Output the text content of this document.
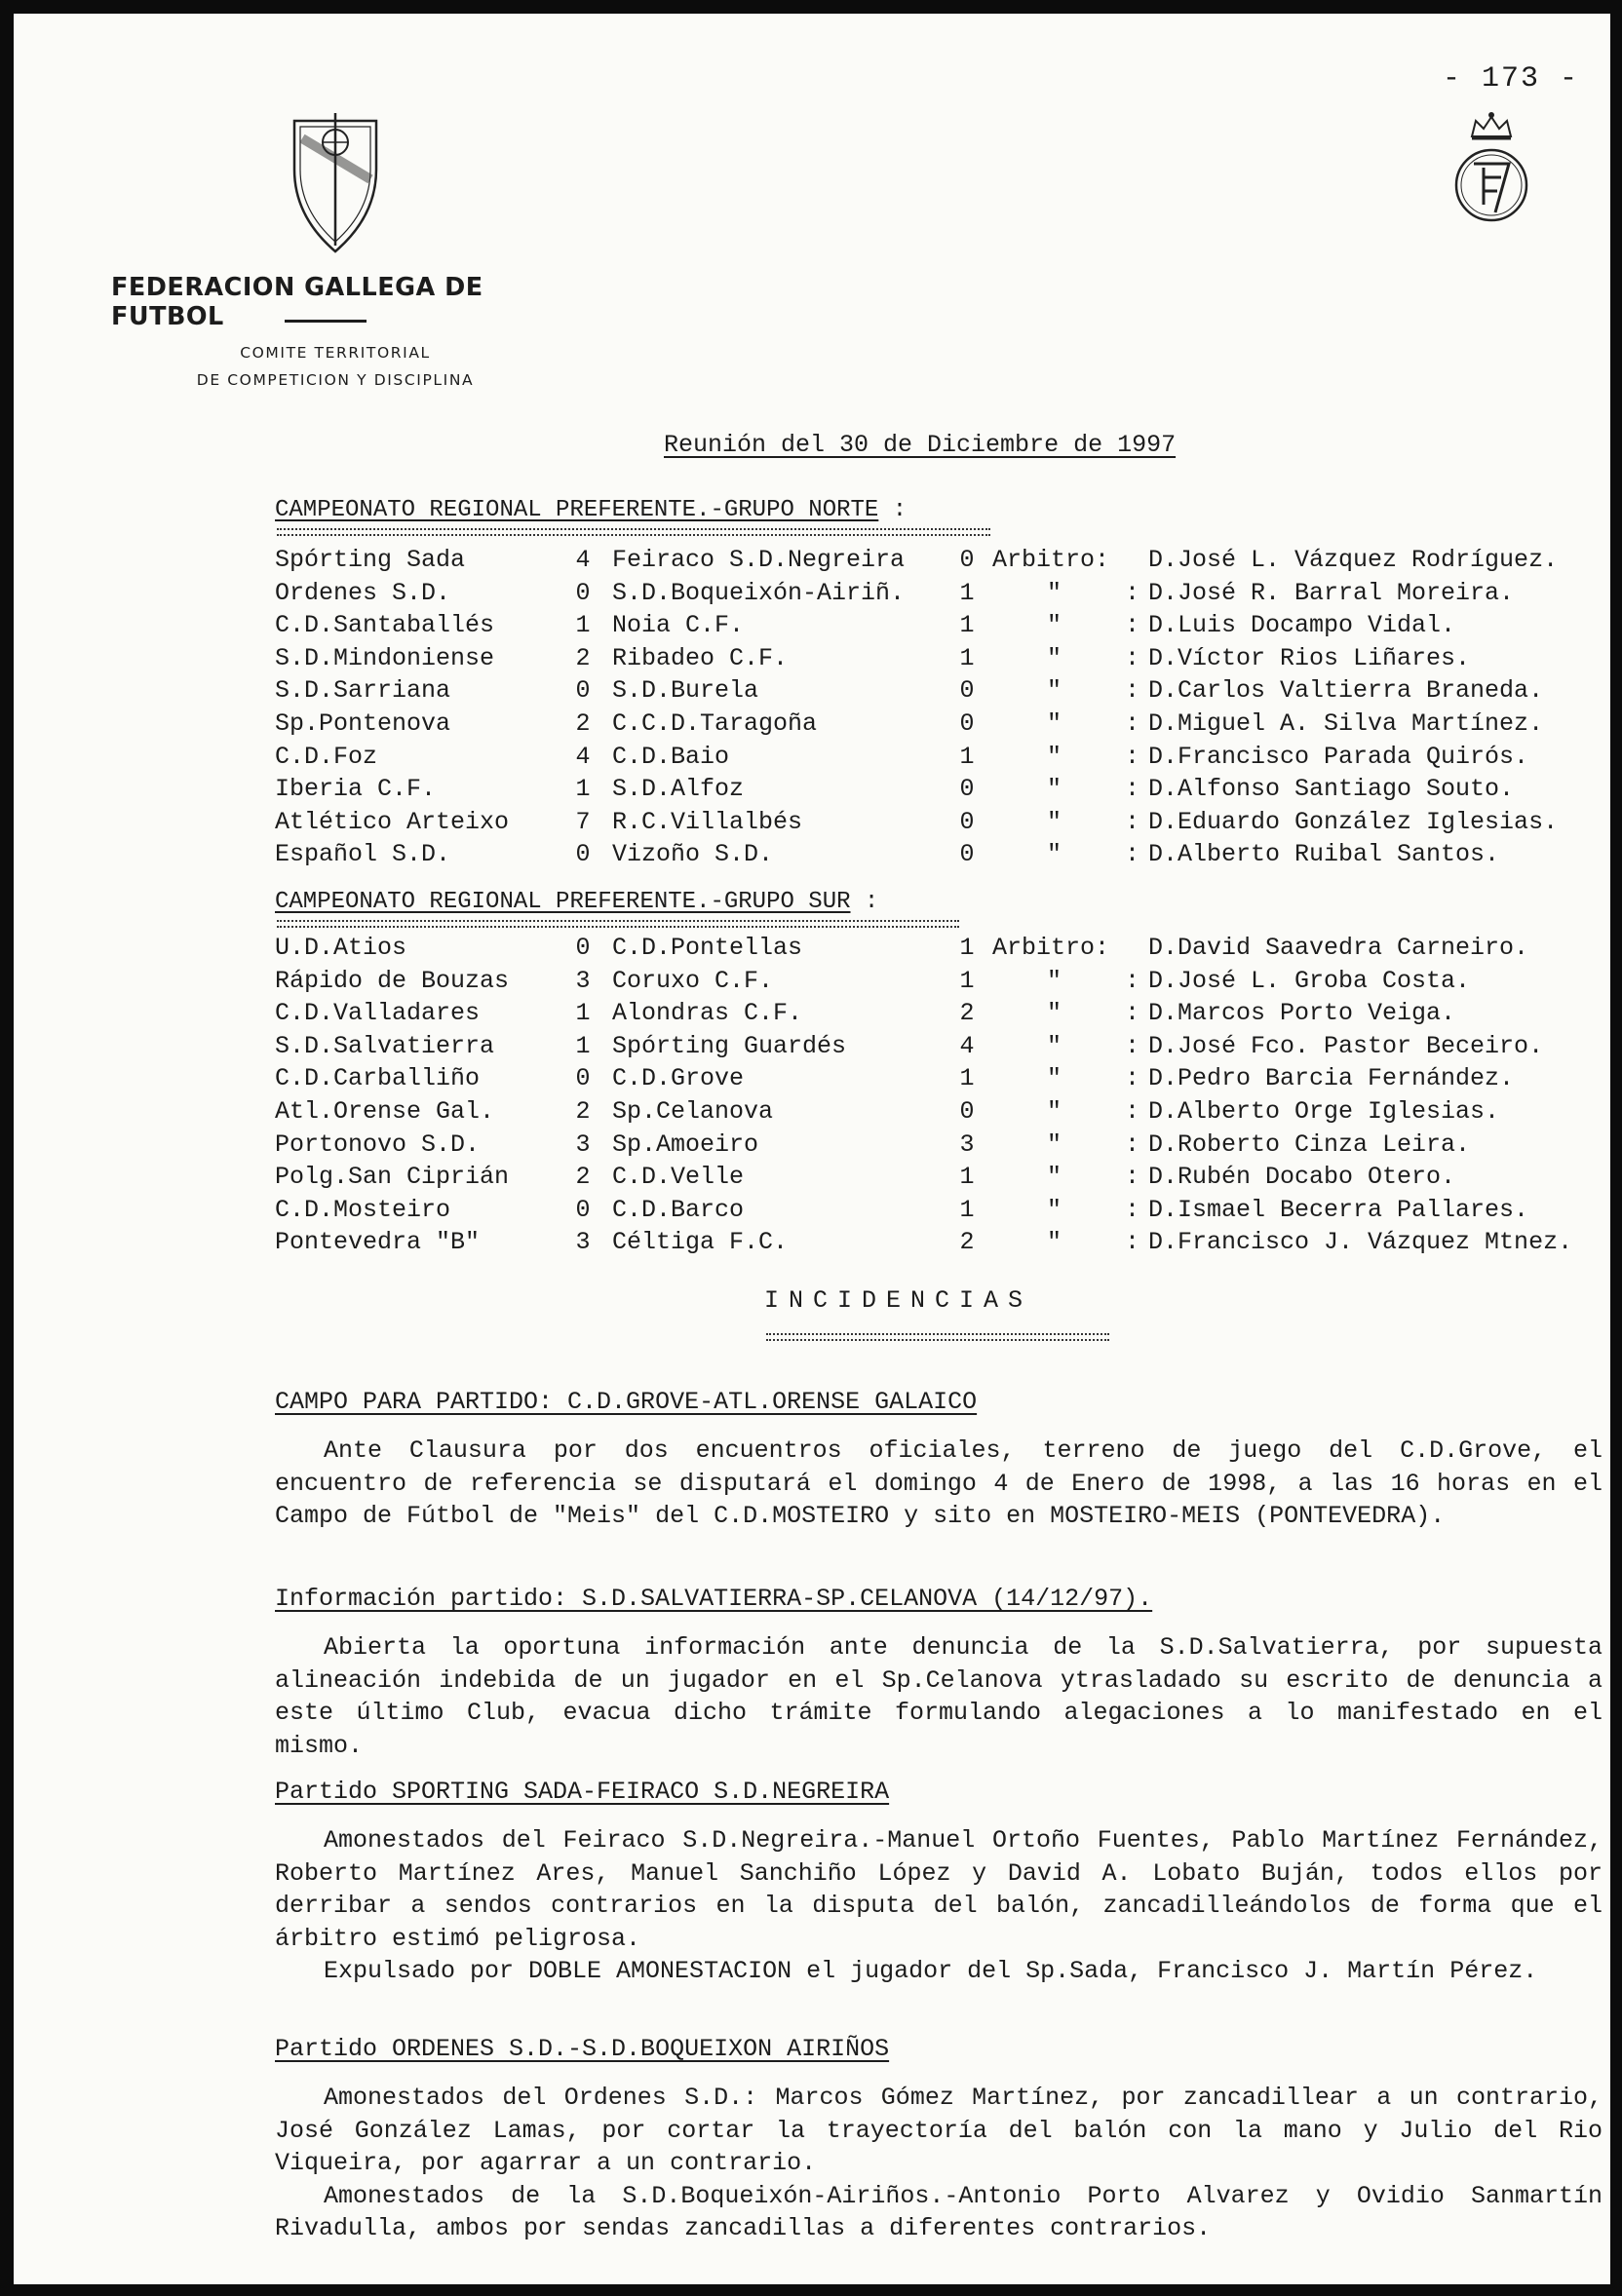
- 173 -
FEDERACION GALLEGA DE FUTBOL
COMITE TERRITORIAL
DE COMPETICION Y DISCIPLINA
Reunión del 30 de Diciembre de 1997
CAMPEONATO REGIONAL PREFERENTE.-GRUPO NORTE :
Spórting Sada	4 Feiraco S.D.Negreira 0 Arbitro: D.José L. Vázquez Rodríguez.
Ordenes S.D.	0 S.D.Boqueixón-Airiñ. 1	"	: D.José R. Barral Moreira.
C.D.Santaballés	1 Noia C.F.	1	"	: D.Luis Docampo Vidal.
S.D.Mindoniense	2 Ribadeo C.F.	1	"	: D.Víctor Rios Liñares.
S.D.Sarriana	0 S.D.Burela	0	"	: D.Carlos Valtierra Braneda.
Sp.Pontenova	2 C.C.D.Taragoña	0	"	: D.Miguel A. Silva Martínez.
C.D.Foz	4 C.D.Baio	1	"	: D.Francisco Parada Quirós.
Iberia C.F.	1 S.D.Alfoz	0	"	: D.Alfonso Santiago Souto.
Atlético Arteixo	7 R.C.Villalbés	0	"	: D.Eduardo González Iglesias.
Español S.D.	0 Vizoño S.D.	0	"	: D.Alberto Ruibal Santos.
CAMPEONATO REGIONAL PREFERENTE.-GRUPO SUR :
U.D.Atios	0 C.D.Pontellas	1 Arbitro: D.David Saavedra Carneiro.
Rápido de Bouzas	3 Coruxo C.F.	1	"	: D.José L. Groba Costa.
C.D.Valladares	1 Alondras C.F.	2	"	: D.Marcos Porto Veiga.
S.D.Salvatierra	1 Spórting Guardés	4	"	: D.José Fco. Pastor Beceiro.
C.D.Carballiño	0 C.D.Grove	1	"	: D.Pedro Barcia Fernández.
Atl.Orense Gal.	2 Sp.Celanova	0	"	: D.Alberto Orge Iglesias.
Portonovo S.D.	3 Sp.Amoeiro	3	"	: D.Roberto Cinza Leira.
Polg.San Ciprián	2 C.D.Velle	1	"	: D.Rubén Docabo Otero.
C.D.Mosteiro	0 C.D.Barco	1	"	: D.Ismael Becerra Pallares.
Pontevedra "B"	3 Céltiga F.C.	2	"	: D.Francisco J. Vázquez Mtnez.
INCIDENCIAS
CAMPO PARA PARTIDO: C.D.GROVE-ATL.ORENSE GALAICO

Ante Clausura por dos encuentros oficiales, terreno de juego del C.D.Grove, el encuentro de referencia se disputará el domingo 4 de Enero de 1998, a las 16 horas en el Campo de Fútbol de "Meis" del C.D.MOSTEIRO y sito en MOSTEIRO-MEIS (PONTEVEDRA).

Información partido: S.D.SALVATIERRA-SP.CELANOVA (14/12/97).

Abierta la oportuna información ante denuncia de la S.D.Salvatierra, por supuesta alineación indebida de un jugador en el Sp.Celanova ytrasladado su escrito de denuncia a este último Club, evacua dicho trámite formulando alegaciones a lo manifestado en el mismo.

Partido SPORTING SADA-FEIRACO S.D.NEGREIRA

Amonestados del Feiraco S.D.Negreira.-Manuel Ortoño Fuentes, Pablo Martínez Fernández, Roberto Martínez Ares, Manuel Sanchiño López y David A. Lobato Buján, todos ellos por derribar a sendos contrarios en la disputa del balón, zancadilleándolos de forma que el árbitro estimó peligrosa.

Expulsado por DOBLE AMONESTACION el jugador del Sp.Sada, Francisco J. Martín Pérez.

Partido ORDENES S.D.-S.D.BOQUEIXON AIRIÑOS

Amonestados del Ordenes S.D.: Marcos Gómez Martínez, por zancadillear a un contrario, José González Lamas, por cortar la trayectoría del balón con la mano y Julio del Rio Viqueira, por agarrar a un contrario.

Amonestados de la S.D.Boqueixón-Airiños.-Antonio Porto Alvarez y Ovidio Sanmartín Rivadulla, ambos por sendas zancadillas a diferentes contrarios.
